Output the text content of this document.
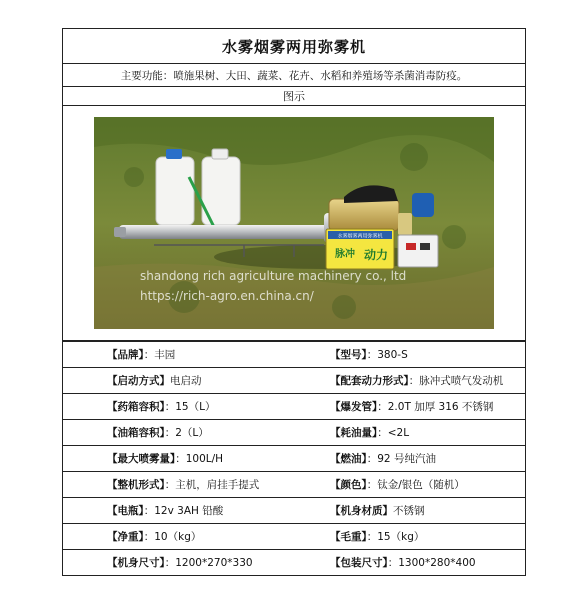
水雾烟雾两用弥雾机
主要功能：喷施果树、大田、蔬菜、花卉、水稻和养殖场等杀菌消毒防疫。
图示
水雾烟雾两用弥雾机
脉冲 动力
shandong rich agriculture machinery co., ltd
https://rich-agro.en.china.cn/
【品牌】：丰园	【型号】：380-S
【启动方式】电启动	【配套动力形式】：脉冲式喷气发动机
【药箱容积】：15（L）	【爆发管】：2.0T 加厚 316 不锈钢
【油箱容积】：2（L）	【耗油量】：<2L
【最大喷雾量】：100L/H	【燃油】：92 号纯汽油
【整机形式】：主机，肩挂手提式	【颜色】：钛金/银色（随机）
【电瓶】：12v 3AH 铅酸	【机身材质】不锈钢
【净重】：10（kg）	【毛重】：15（kg）
【机身尺寸】：1200*270*330	【包装尺寸】：1300*280*400
